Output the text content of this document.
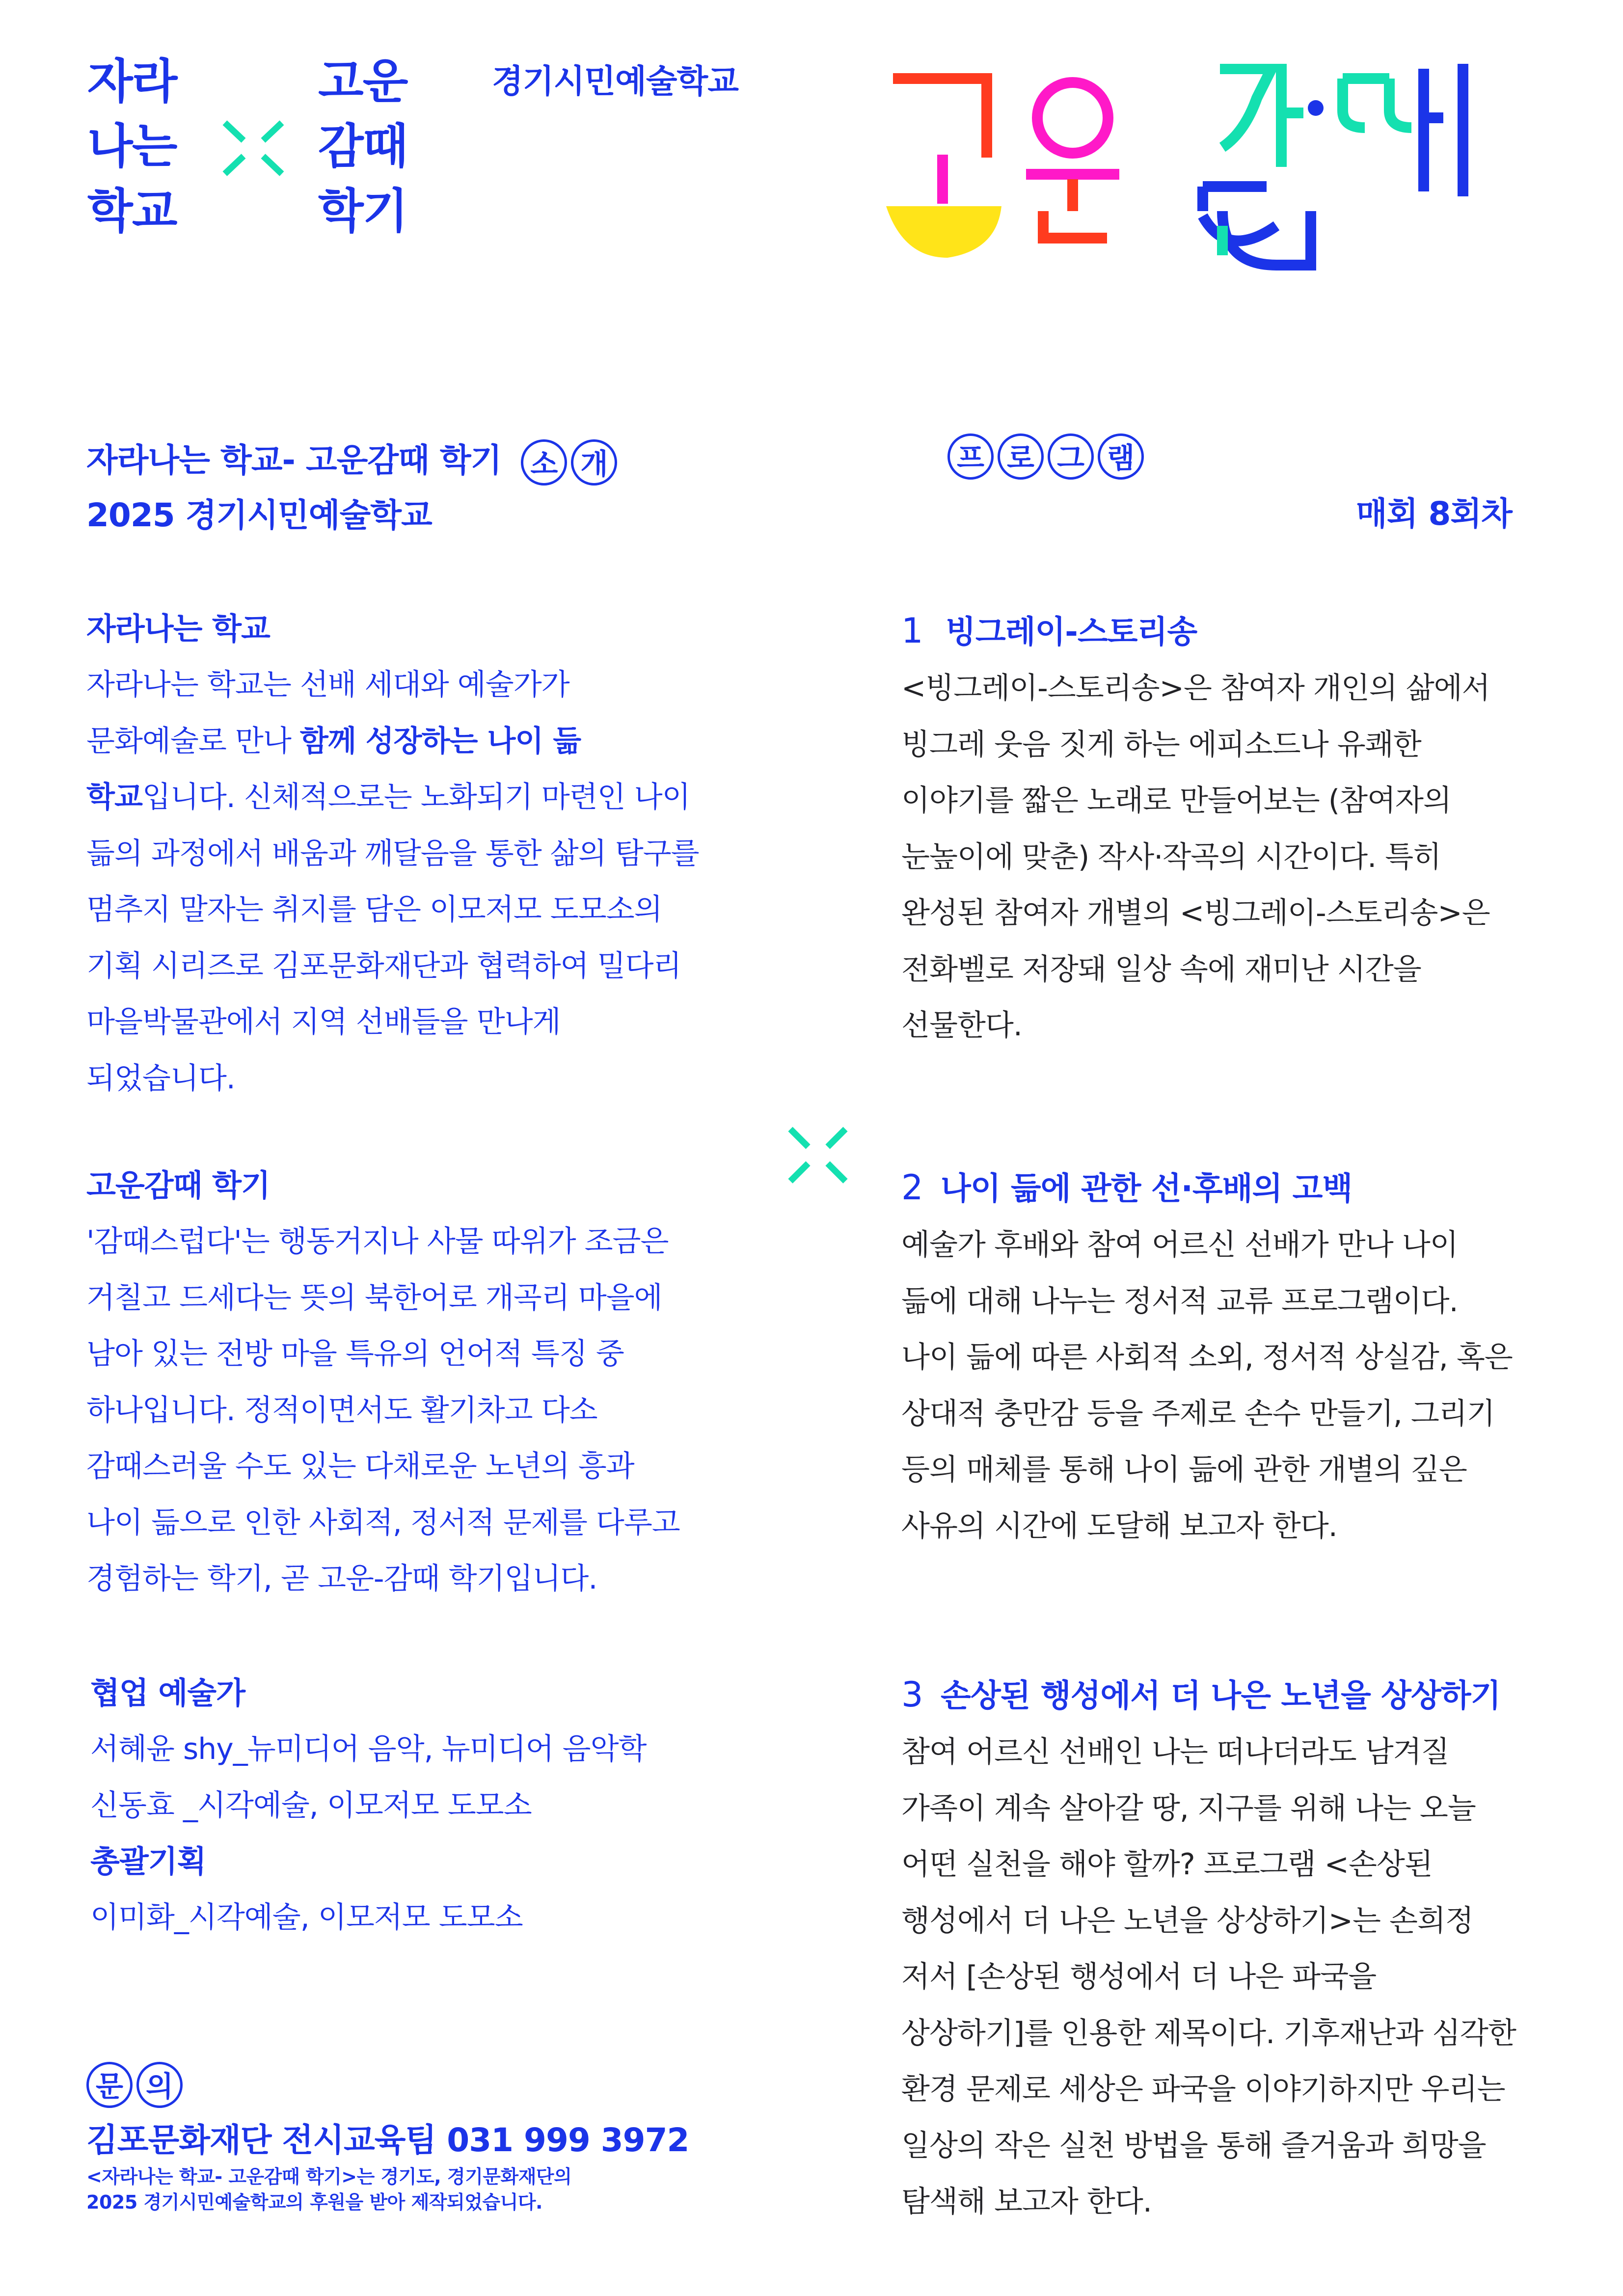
자라
나는
학교
고운
감때
학기
경기시민예술학교
자라나는 학교- 고운감때 학기 소 개
2025 경기시민예술학교
자라나는 학교
자라나는 학교는 선배 세대와 예술가가
문화예술로 만나 함께 성장하는 나이 듦
학교입니다. 신체적으로는 노화되기 마련인 나이
듦의 과정에서 배움과 깨달음을 통한 삶의 탐구를
멈추지 말자는 취지를 담은 이모저모 도모소의
기획 시리즈로 김포문화재단과 협력하여 밀다리
마을박물관에서 지역 선배들을 만나게
되었습니다.
고운감때 학기
'감때스럽다'는 행동거지나 사물 따위가 조금은
거칠고 드세다는 뜻의 북한어로 개곡리 마을에
남아 있는 전방 마을 특유의 언어적 특징 중
하나입니다. 정적이면서도 활기차고 다소
감때스러울 수도 있는 다채로운 노년의 흥과
나이 듦으로 인한 사회적, 정서적 문제를 다루고
경험하는 학기, 곧 고운-감때 학기입니다.
협업 예술가
서혜윤 shy_뉴미디어 음악, 뉴미디어 음악학
신동효 _시각예술, 이모저모 도모소
총괄기획
이미화_시각예술, 이모저모 도모소
문 의
김포문화재단 전시교육팀 031 999 3972
<자라나는 학교- 고운감때 학기>는 경기도, 경기문화재단의
2025 경기시민예술학교의 후원을 받아 제작되었습니다.
프 로 그 램
매회 8회차
1 빙그레이-스토리송
<빙그레이-스토리송>은 참여자 개인의 삶에서
빙그레 웃음 짓게 하는 에피소드나 유쾌한
이야기를 짧은 노래로 만들어보는 (참여자의
눈높이에 맞춘) 작사·작곡의 시간이다. 특히
완성된 참여자 개별의 <빙그레이-스토리송>은
전화벨로 저장돼 일상 속에 재미난 시간을
선물한다.
2 나이 듦에 관한 선·후배의 고백
예술가 후배와 참여 어르신 선배가 만나 나이
듦에 대해 나누는 정서적 교류 프로그램이다.
나이 듦에 따른 사회적 소외, 정서적 상실감, 혹은
상대적 충만감 등을 주제로 손수 만들기, 그리기
등의 매체를 통해 나이 듦에 관한 개별의 깊은
사유의 시간에 도달해 보고자 한다.
3 손상된 행성에서 더 나은 노년을 상상하기
참여 어르신 선배인 나는 떠나더라도 남겨질
가족이 계속 살아갈 땅, 지구를 위해 나는 오늘
어떤 실천을 해야 할까? 프로그램 <손상된
행성에서 더 나은 노년을 상상하기>는 손희정
저서 [손상된 행성에서 더 나은 파국을
상상하기]를 인용한 제목이다. 기후재난과 심각한
환경 문제로 세상은 파국을 이야기하지만 우리는
일상의 작은 실천 방법을 통해 즐거움과 희망을
탐색해 보고자 한다.
